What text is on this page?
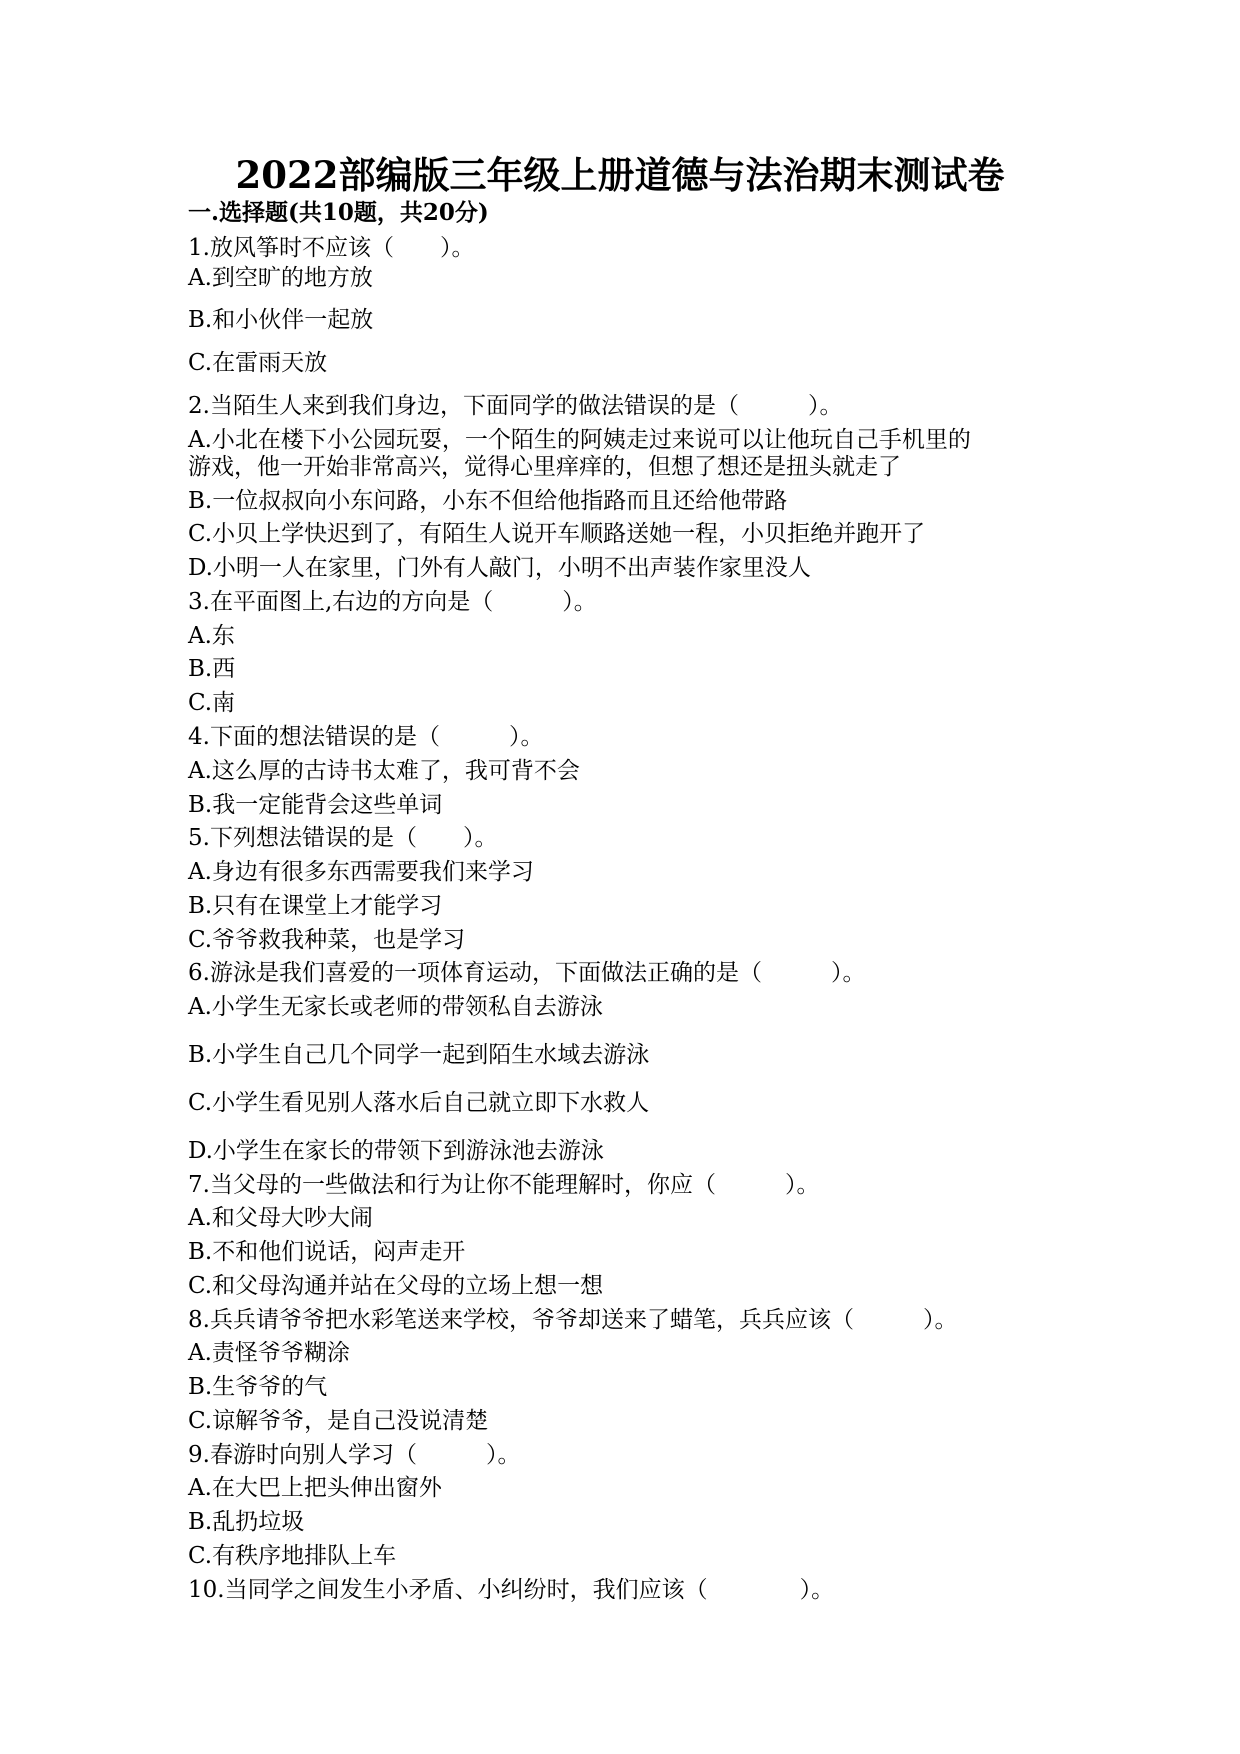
2022部编版三年级上册道德与法治期末测试卷
一.选择题(共10题，共20分)
1.放风筝时不应该（　　）。
A.到空旷的地方放
B.和小伙伴一起放
C.在雷雨天放
2.当陌生人来到我们身边，下面同学的做法错误的是（　　　）。
A.小北在楼下小公园玩耍，一个陌生的阿姨走过来说可以让他玩自己手机里的
游戏，他一开始非常高兴，觉得心里痒痒的，但想了想还是扭头就走了
B.一位叔叔向小东问路，小东不但给他指路而且还给他带路
C.小贝上学快迟到了，有陌生人说开车顺路送她一程，小贝拒绝并跑开了
D.小明一人在家里，门外有人敲门，小明不出声装作家里没人
3.在平面图上,右边的方向是（　　　）。
A.东
B.西
C.南
4.下面的想法错误的是（　　　）。
A.这么厚的古诗书太难了，我可背不会
B.我一定能背会这些单词
5.下列想法错误的是（　　）。
A.身边有很多东西需要我们来学习
B.只有在课堂上才能学习
C.爷爷救我种菜，也是学习
6.游泳是我们喜爱的一项体育运动，下面做法正确的是（　　　）。
A.小学生无家长或老师的带领私自去游泳
B.小学生自己几个同学一起到陌生水域去游泳
C.小学生看见别人落水后自己就立即下水救人
D.小学生在家长的带领下到游泳池去游泳
7.当父母的一些做法和行为让你不能理解时，你应（　　　）。
A.和父母大吵大闹
B.不和他们说话，闷声走开
C.和父母沟通并站在父母的立场上想一想
8.兵兵请爷爷把水彩笔送来学校，爷爷却送来了蜡笔，兵兵应该（　　　）。
A.责怪爷爷糊涂
B.生爷爷的气
C.谅解爷爷，是自己没说清楚
9.春游时向别人学习（　　　）。
A.在大巴上把头伸出窗外
B.乱扔垃圾
C.有秩序地排队上车
10.当同学之间发生小矛盾、小纠纷时，我们应该（　　　　）。
